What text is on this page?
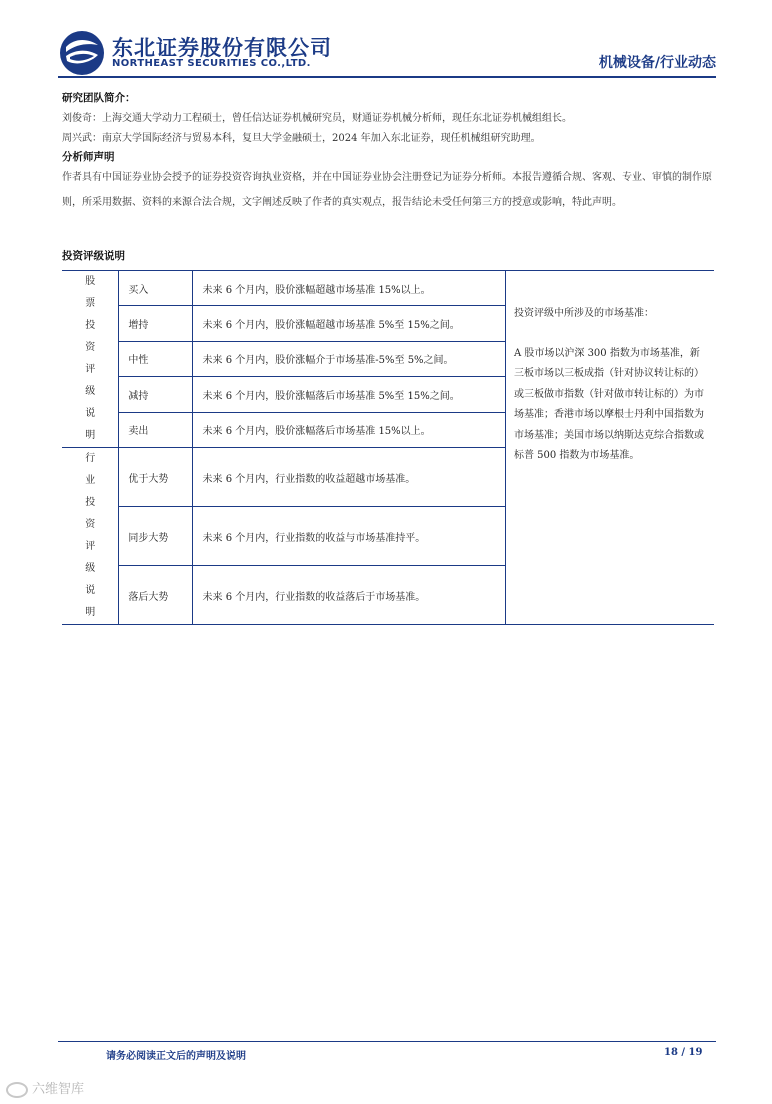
东北证券股份有限公司
NORTHEAST SECURITIES CO.,LTD.	机械设备/行业动态
研究团队简介：
刘俊奇：上海交通大学动力工程硕士，曾任信达证券机械研究员，财通证券机械分析师，现任东北证券机械组组长。
周兴武：南京大学国际经济与贸易本科，复旦大学金融硕士，2024 年加入东北证券，现任机械组研究助理。
分析师声明
作者具有中国证券业协会授予的证券投资咨询执业资格，并在中国证券业协会注册登记为证券分析师。本报告遵循合规、客观、专业、审慎的制作原则，所采用数据、资料的来源合法合规，文字阐述反映了作者的真实观点，报告结论未受任何第三方的授意或影响，特此声明。
投资评级说明
股票投资评级说明	买入	未来 6 个月内，股价涨幅超越市场基准 15%以上。	投资评级中所涉及的市场基准：
A 股市场以沪深 300 指数为市场基准，新三板市场以三板成指（针对协议转让标的）或三板做市指数（针对做市转让标的）为市场基准；香港市场以摩根士丹利中国指数为市场基准；美国市场以纳斯达克综合指数或标普 500 指数为市场基准。

	增持	未来 6 个月内，股价涨幅超越市场基准 5%至 15%之间。	
	中性	未来 6 个月内，股价涨幅介于市场基准-5%至 5%之间。	
	减持	未来 6 个月内，股价涨幅落后市场基准 5%至 15%之间。	
	卖出	未来 6 个月内，股价涨幅落后市场基准 15%以上。	

行业投资评级说明	优于大势	未来 6 个月内，行业指数的收益超越市场基准。	
	同步大势	未来 6 个月内，行业指数的收益与市场基准持平。	
	落后大势	未来 6 个月内，行业指数的收益落后于市场基准。	
请务必阅读正文后的声明及说明	18 / 19
六维智库
